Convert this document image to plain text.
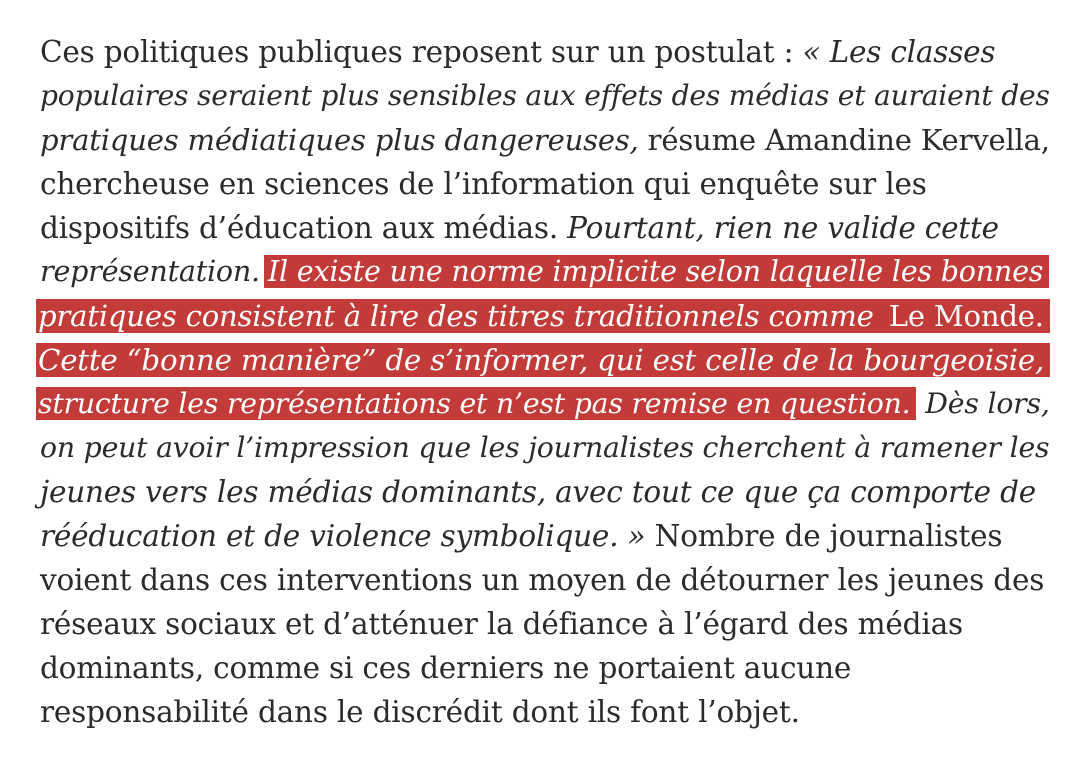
Ces politiques publiques reposent sur un postulat : « Les classes
populaires seraient plus sensibles aux effets des médias et auraient des
pratiques médiatiques plus dangereuses, résume Amandine Kervella,
chercheuse en sciences de l’information qui enquête sur les
dispositifs d’éducation aux médias. Pourtant, rien ne valide cette
représentation. Il existe une norme implicite selon laquelle les bonnes
pratiques consistent à lire des titres traditionnels comme Le Monde.
Cette “bonne manière” de s’informer, qui est celle de la bourgeoisie,
structure les représentations et n’est pas remise en question. Dès lors,
on peut avoir l’impression que les journalistes cherchent à ramener les
jeunes vers les médias dominants, avec tout ce que ça comporte de
rééducation et de violence symbolique. » Nombre de journalistes
voient dans ces interventions un moyen de détourner les jeunes des
réseaux sociaux et d’atténuer la défiance à l’égard des médias
dominants, comme si ces derniers ne portaient aucune
responsabilité dans le discrédit dont ils font l’objet.
